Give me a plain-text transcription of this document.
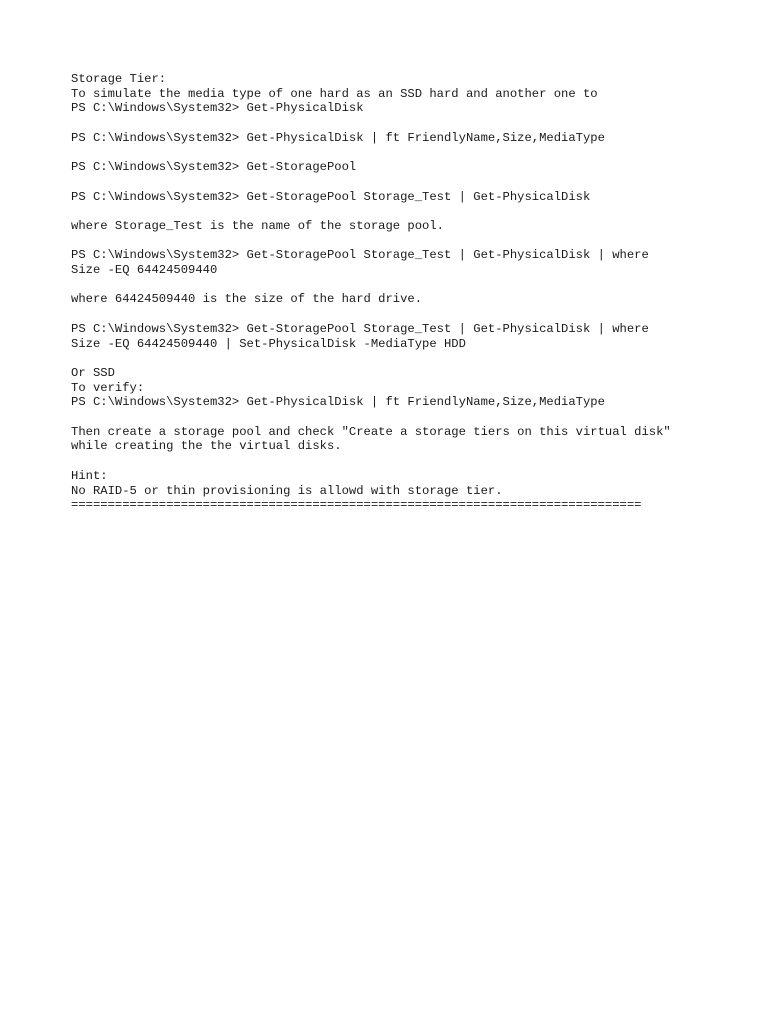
Storage Tier:
To simulate the media type of one hard as an SSD hard and another one to
PS C:\Windows\System32> Get-PhysicalDisk
PS C:\Windows\System32> Get-PhysicalDisk | ft FriendlyName,Size,MediaType
PS C:\Windows\System32> Get-StoragePool
PS C:\Windows\System32> Get-StoragePool Storage_Test | Get-PhysicalDisk
where Storage_Test is the name of the storage pool.
PS C:\Windows\System32> Get-StoragePool Storage_Test | Get-PhysicalDisk | where
Size -EQ 64424509440
where 64424509440 is the size of the hard drive.
PS C:\Windows\System32> Get-StoragePool Storage_Test | Get-PhysicalDisk | where
Size -EQ 64424509440 | Set-PhysicalDisk -MediaType HDD
Or SSD
To verify:
PS C:\Windows\System32> Get-PhysicalDisk | ft FriendlyName,Size,MediaType
Then create a storage pool and check "Create a storage tiers on this virtual disk"
while creating the the virtual disks.
Hint:
No RAID-5 or thin provisioning is allowd with storage tier.
==============================================================================
